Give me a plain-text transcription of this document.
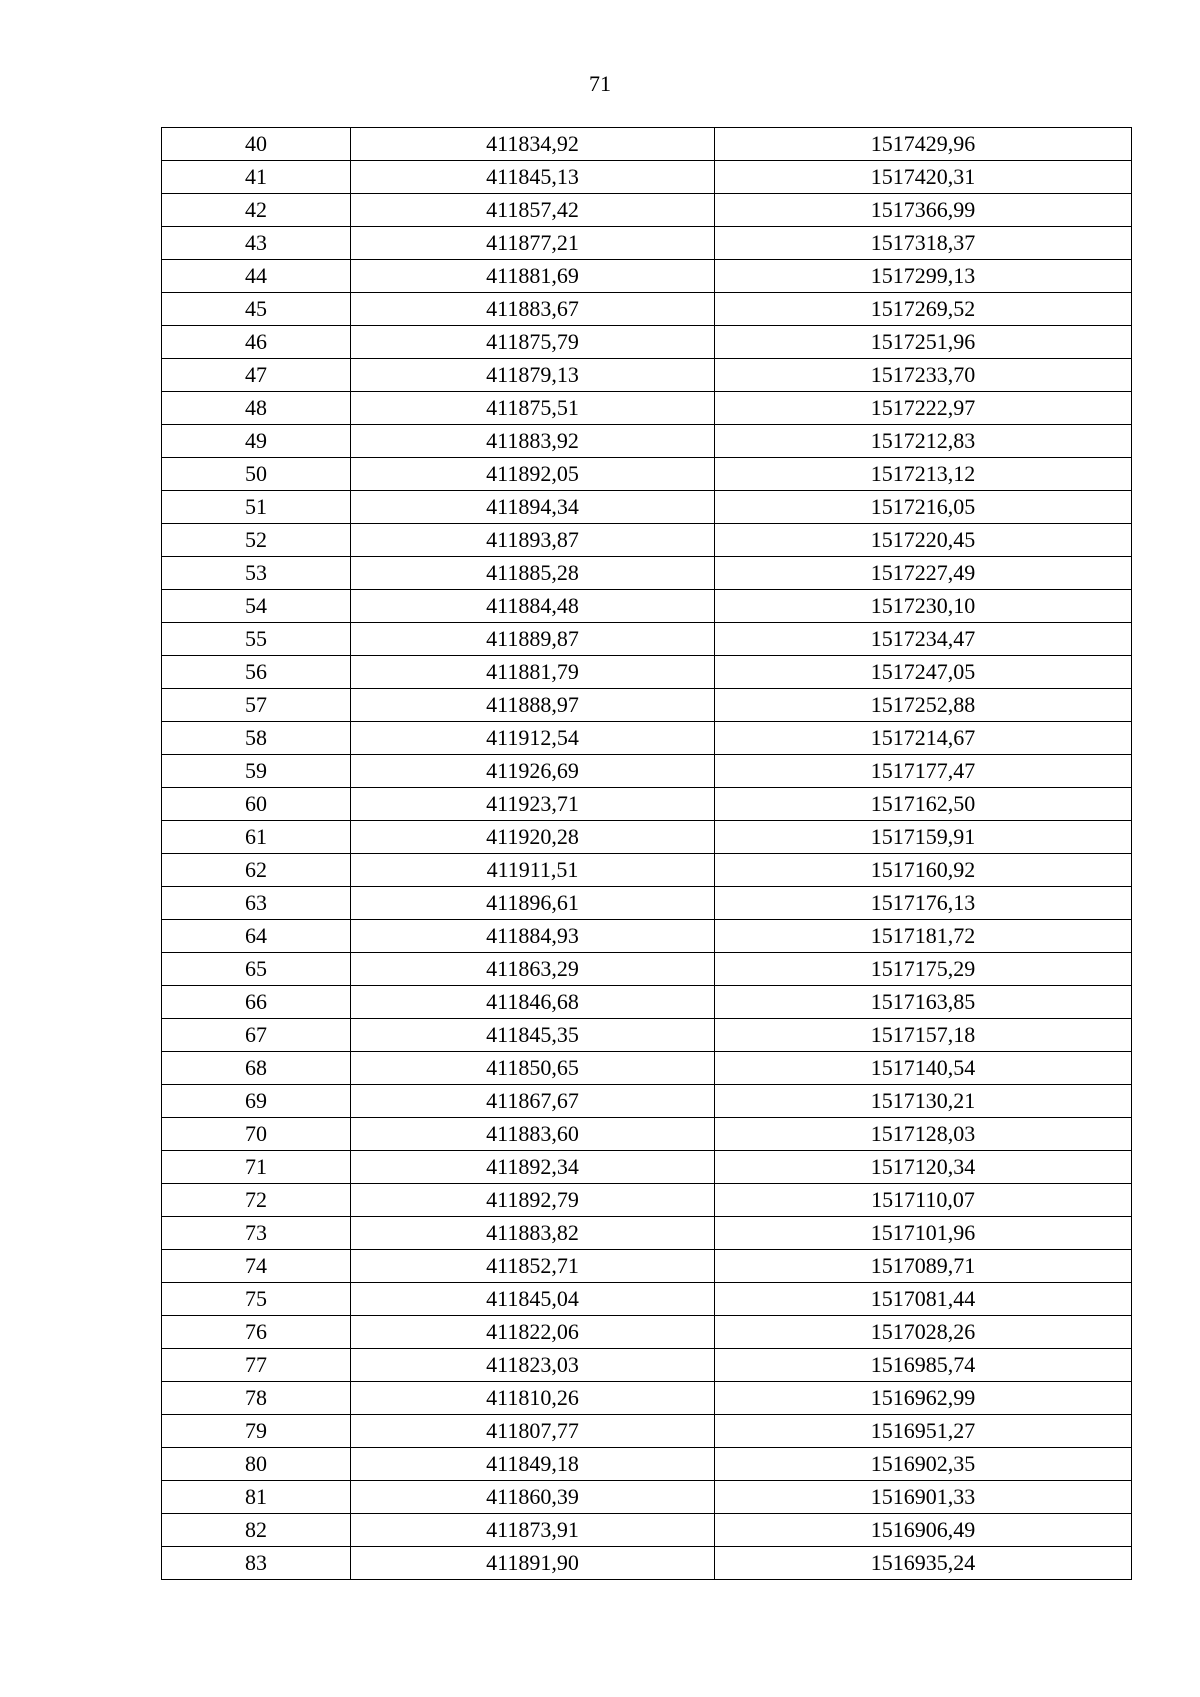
71
40	411834,92	1517429,96
41	411845,13	1517420,31
42	411857,42	1517366,99
43	411877,21	1517318,37
44	411881,69	1517299,13
45	411883,67	1517269,52
46	411875,79	1517251,96
47	411879,13	1517233,70
48	411875,51	1517222,97
49	411883,92	1517212,83
50	411892,05	1517213,12
51	411894,34	1517216,05
52	411893,87	1517220,45
53	411885,28	1517227,49
54	411884,48	1517230,10
55	411889,87	1517234,47
56	411881,79	1517247,05
57	411888,97	1517252,88
58	411912,54	1517214,67
59	411926,69	1517177,47
60	411923,71	1517162,50
61	411920,28	1517159,91
62	411911,51	1517160,92
63	411896,61	1517176,13
64	411884,93	1517181,72
65	411863,29	1517175,29
66	411846,68	1517163,85
67	411845,35	1517157,18
68	411850,65	1517140,54
69	411867,67	1517130,21
70	411883,60	1517128,03
71	411892,34	1517120,34
72	411892,79	1517110,07
73	411883,82	1517101,96
74	411852,71	1517089,71
75	411845,04	1517081,44
76	411822,06	1517028,26
77	411823,03	1516985,74
78	411810,26	1516962,99
79	411807,77	1516951,27
80	411849,18	1516902,35
81	411860,39	1516901,33
82	411873,91	1516906,49
83	411891,90	1516935,24
